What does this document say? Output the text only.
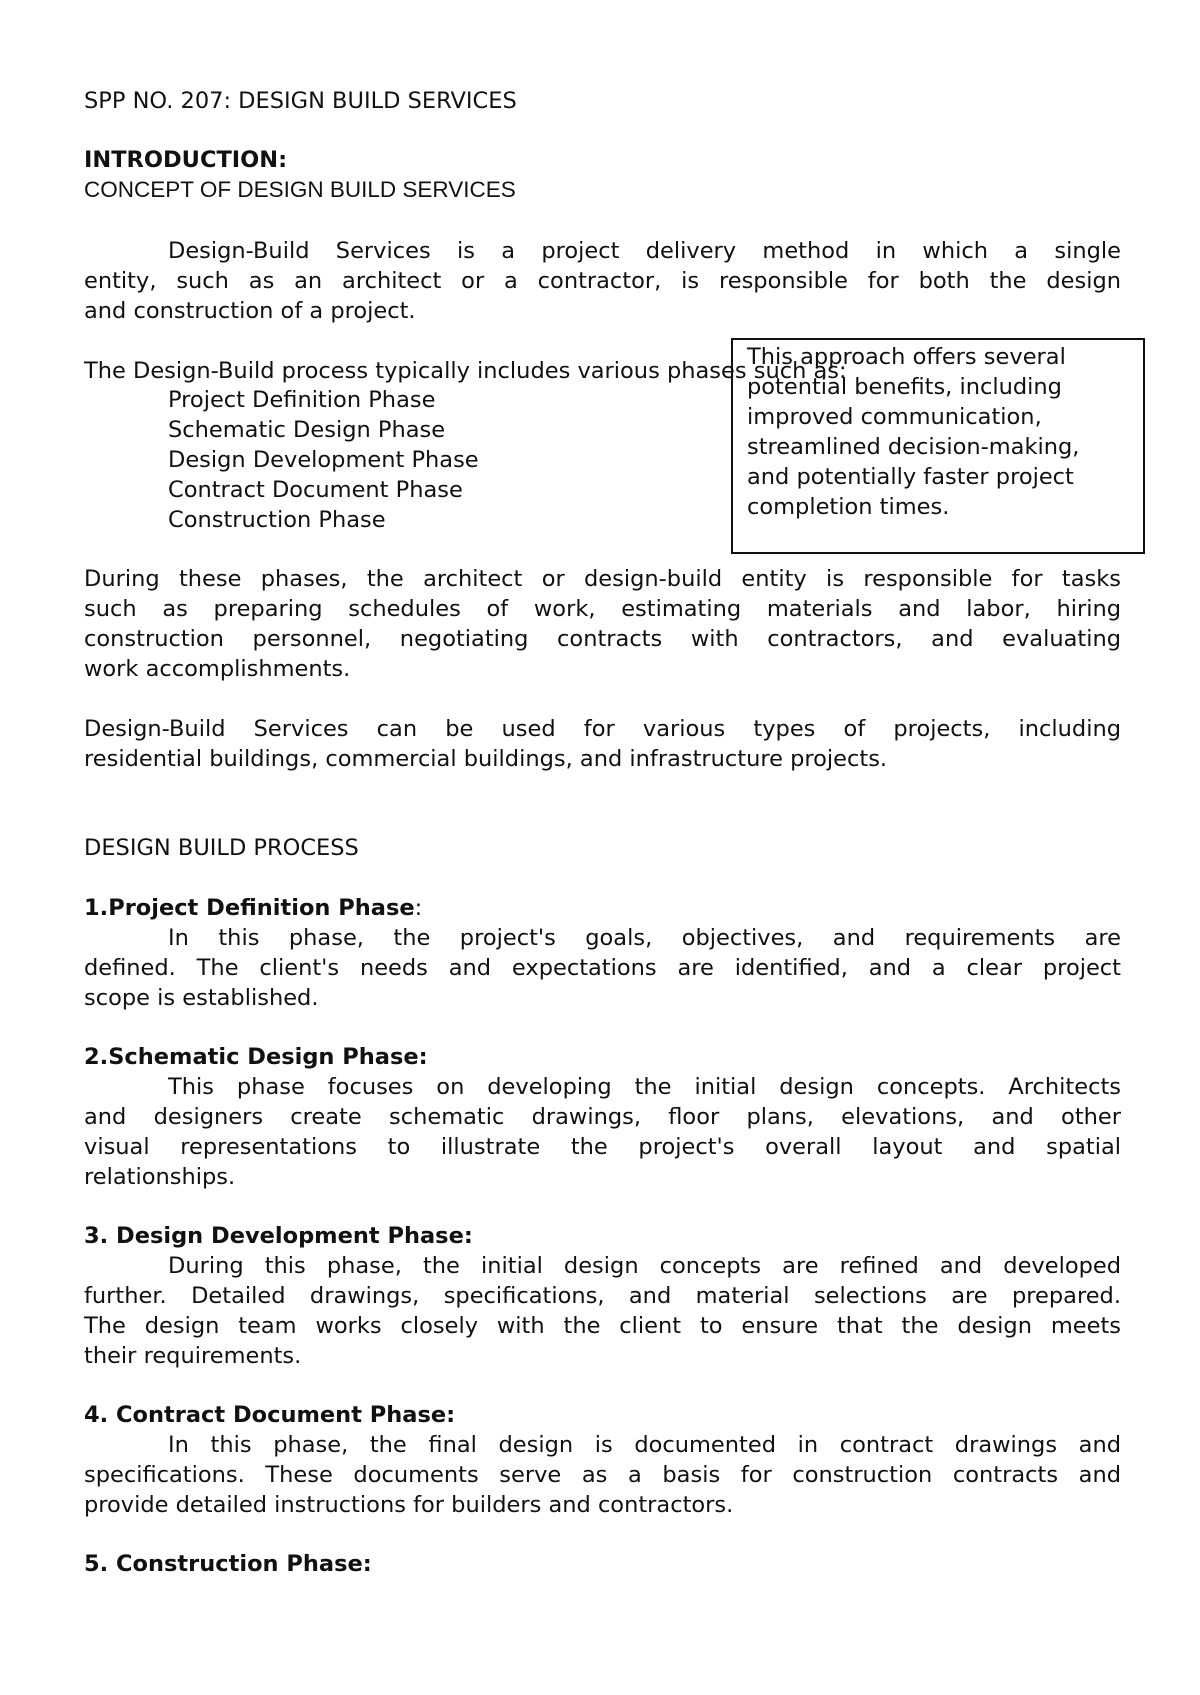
SPP NO. 207: DESIGN BUILD SERVICES
INTRODUCTION:
CONCEPT OF DESIGN BUILD SERVICES
Design-Build Services is a project delivery method in which a single
entity, such as an architect or a contractor, is responsible for both the design
and construction of a project.
The Design-Build process typically includes various phases such as:
Project Definition Phase
Schematic Design Phase
Design Development Phase
Contract Document Phase
Construction Phase
This approach offers several
potential benefits, including
improved communication,
streamlined decision-making,
and potentially faster project
completion times.
During these phases, the architect or design-build entity is responsible for tasks
such as preparing schedules of work, estimating materials and labor, hiring
construction personnel, negotiating contracts with contractors, and evaluating
work accomplishments.
Design-Build Services can be used for various types of projects, including
residential buildings, commercial buildings, and infrastructure projects.
DESIGN BUILD PROCESS
1.Project Definition Phase:
In this phase, the project's goals, objectives, and requirements are
defined. The client's needs and expectations are identified, and a clear project
scope is established.
2.Schematic Design Phase:
This phase focuses on developing the initial design concepts. Architects
and designers create schematic drawings, floor plans, elevations, and other
visual representations to illustrate the project's overall layout and spatial
relationships.
3. Design Development Phase:
During this phase, the initial design concepts are refined and developed
further. Detailed drawings, specifications, and material selections are prepared.
The design team works closely with the client to ensure that the design meets
their requirements.
4. Contract Document Phase:
In this phase, the final design is documented in contract drawings and
specifications. These documents serve as a basis for construction contracts and
provide detailed instructions for builders and contractors.
5. Construction Phase:
